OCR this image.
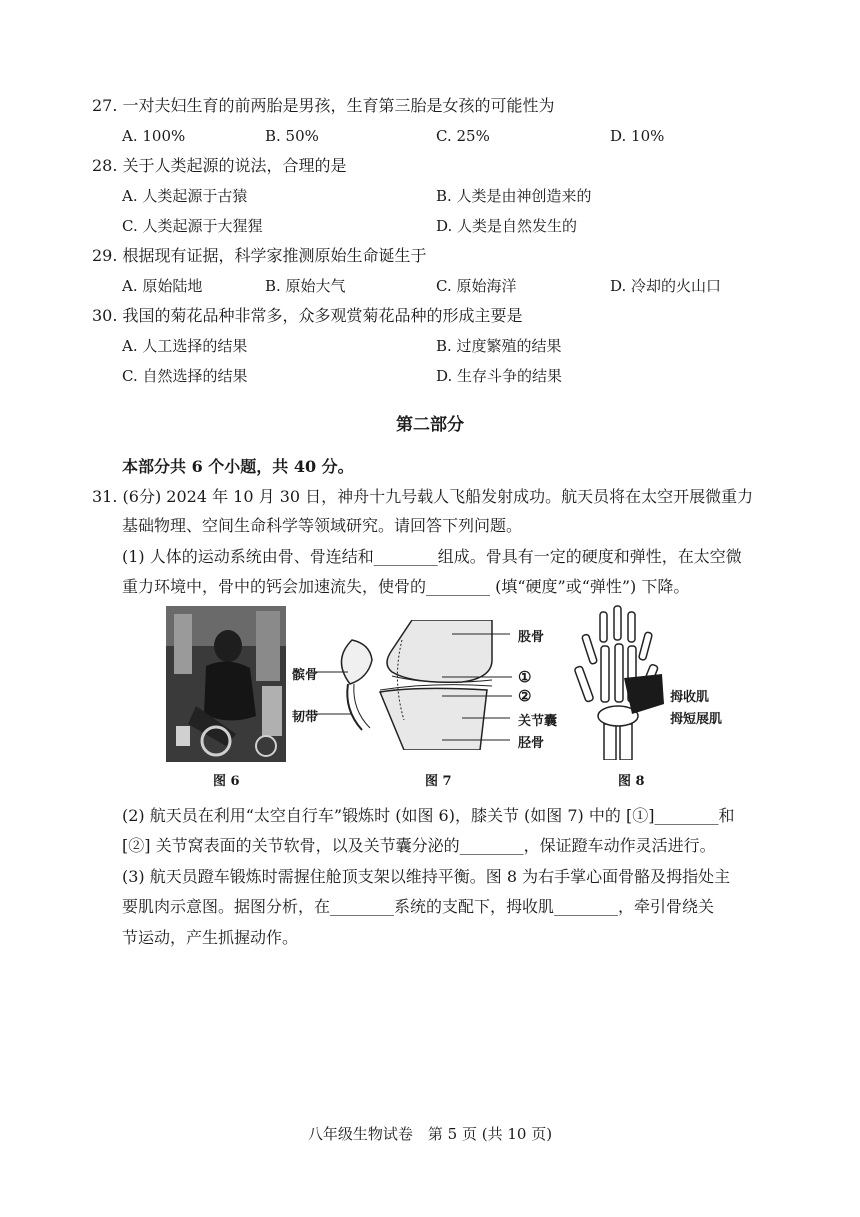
27. 一对夫妇生育的前两胎是男孩，生育第三胎是女孩的可能性为
A. 100%	B. 50%	C. 25%	D. 10%
28. 关于人类起源的说法，合理的是
A. 人类起源于古猿	B. 人类是由神创造来的
C. 人类起源于大猩猩	D. 人类是自然发生的
29. 根据现有证据，科学家推测原始生命诞生于
A. 原始陆地	B. 原始大气	C. 原始海洋	D. 冷却的火山口
30. 我国的菊花品种非常多，众多观赏菊花品种的形成主要是
A. 人工选择的结果	B. 过度繁殖的结果
C. 自然选择的结果	D. 生存斗争的结果
第二部分
本部分共 6 个小题，共 40 分。
31. (6分) 2024 年 10 月 30 日，神舟十九号载人飞船发射成功。航天员将在太空开展微重力
基础物理、空间生命科学等领域研究。请回答下列问题。
(1) 人体的运动系统由骨、骨连结和________组成。骨具有一定的硬度和弹性，在太空微
重力环境中，骨中的钙会加速流失，使骨的________ (填“硬度”或“弹性”) 下降。
图 6
股骨
髌骨
韧带
①
②
关节囊
胫骨
图 7
拇收肌
拇短展肌
图 8
(2) 航天员在利用“太空自行车”锻炼时 (如图 6)，膝关节 (如图 7) 中的 [①]________和
[②] 关节窝表面的关节软骨，以及关节囊分泌的________，保证蹬车动作灵活进行。
(3) 航天员蹬车锻炼时需握住舱顶支架以维持平衡。图 8 为右手掌心面骨骼及拇指处主
要肌肉示意图。据图分析，在________系统的支配下，拇收肌________，牵引骨绕关
节运动，产生抓握动作。
八年级生物试卷　第 5 页 (共 10 页)
